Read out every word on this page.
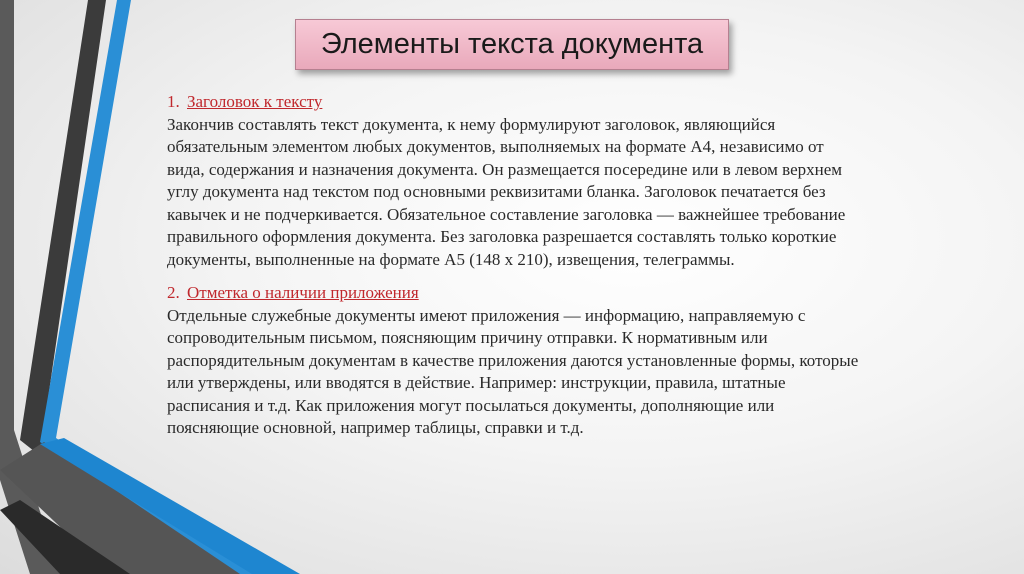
Элементы текста документа
1. Заголовок к тексту

Закончив составлять текст документа, к нему формулируют заголовок, являющийся
обязательным элементом любых документов, выполняемых на формате А4, независимо от
вида, содержания и назначения документа. Он размещается посередине или в левом верхнем
углу документа над текстом под основными реквизитами бланка. Заголовок печатается без
кавычек и не подчеркивается. Обязательное составление заголовка — важнейшее требование
правильного оформления документа. Без заголовка разрешается составлять только короткие
документы, выполненные на формате А5 (148 х 210), извещения, телеграммы.

2. Отметка о наличии приложения

Отдельные служебные документы имеют приложения — информацию, направляемую с
сопроводительным письмом, поясняющим причину отправки. К нормативным или
распорядительным документам в качестве приложения даются установленные формы, которые
или утверждены, или вводятся в действие. Например: инструкции, правила, штатные
расписания и т.д. Как приложения могут посылаться документы, дополняющие или
поясняющие основной, например таблицы, справки и т.д.
